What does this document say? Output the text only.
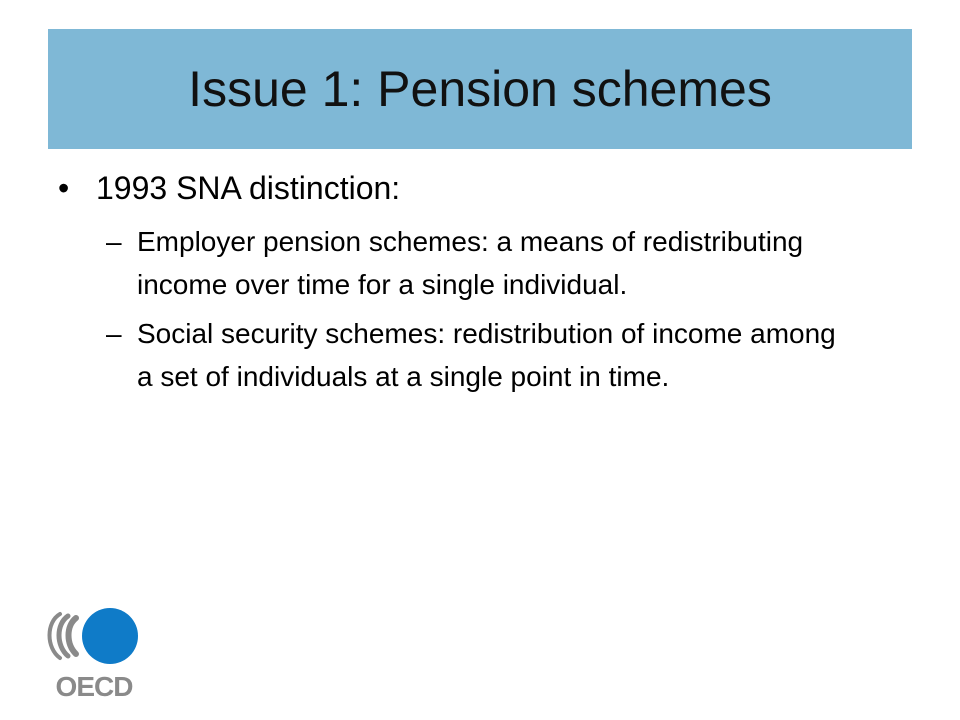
Issue 1: Pension schemes
• 1993 SNA distinction:
– Employer pension schemes: a means of redistributing income over time for a single individual.
– Social security schemes: redistribution of income among a set of individuals at a single point in time.
OECD
